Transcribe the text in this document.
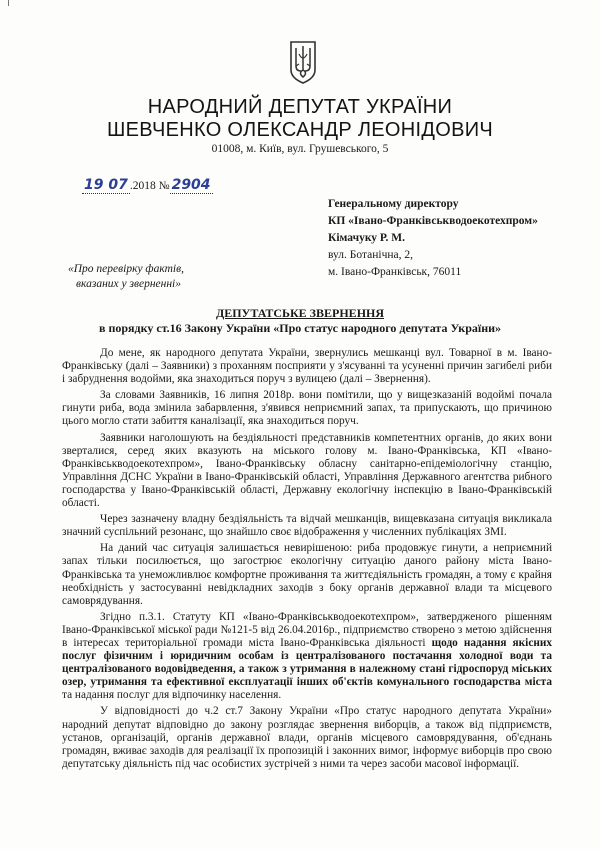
НАРОДНИЙ ДЕПУТАТ УКРАЇНИ
ШЕВЧЕНКО ОЛЕКСАНДР ЛЕОНІДОВИЧ
01008, м. Київ, вул. Грушевського, 5
19 07 .2018 № 2904
Генеральному директору
КП «Івано-Франківськводоекотехпром»
Кімачуку Р. М.
вул. Ботанічна, 2,
м. Івано-Франківськ, 76011
«Про перевірку фактів,
вказаних у зверненні»
ДЕПУТАТСЬКЕ ЗВЕРНЕННЯ
в порядку ст.16 Закону України «Про статус народного депутата України»

До мене, як народного депутата України, звернулись мешканці вул. Товарної в м. Івано-Франківську (далі – Заявники) з проханням посприяти у з'ясуванні та усуненні причин загибелі риби і забруднення водойми, яка знаходиться поруч з вулицею (далі – Звернення).

За словами Заявників, 16 липня 2018р. вони помітили, що у вищезказаній водоймі почала гинути риба, вода змінила забарвлення, з'явився неприємний запах, та припускають, що причиною цього могло стати забиття каналізації, яка знаходиться поруч.

Заявники наголошують на бездіяльності представників компетентних органів, до яких вони зверталися, серед яких вказують на міського голову м. Івано-Франківська, КП «Івано-Франківськводоекотехпром», Івано-Франківську обласну санітарно-епідеміологічну станцію, Управління ДСНС України в Івано-Франківській області, Управління Державного агентства рибного господарства у Івано-Франківській області, Державну екологічну інспекцію в Івано-Франківській області.

Через зазначену владну бездіяльність та відчай мешканців, вищевказана ситуація викликала значний суспільний резонанс, що знайшло своє відображення у численних публікаціях ЗМІ.

На даний час ситуація залишається невирішеною: риба продовжує гинути, а неприємний запах тільки посилюється, що загострює екологічну ситуацію даного району міста Івано-Франківська та унеможливлює комфортне проживання та життєдіяльність громадян, а тому є крайня необхідність у застосуванні невідкладних заходів з боку органів державної влади та місцевого самоврядування.

Згідно п.3.1. Статуту КП «Івано-Франківськводоекотехпром», затвердженого рішенням Івано-Франківської міської ради №121-5 від 26.04.2016р., підприємство створено з метою здійснення в інтересах територіальної громади міста Івано-Франківська діяльності щодо надання якісних послуг фізичним і юридичним особам із централізованого постачання холодної води та централізованого водовідведення, а також з утримання в належному стані гідроспоруд міських озер, утримання та ефективної експлуатації інших об'єктів комунального господарства міста та надання послуг для відпочинку населення.

У відповідності до ч.2 ст.7 Закону України «Про статус народного депутата України» народний депутат відповідно до закону розглядає звернення виборців, а також від підприємств, установ, організацій, органів державної влади, органів місцевого самоврядування, об'єднань громадян, вживає заходів для реалізації їх пропозицій і законних вимог, інформує виборців про свою депутатську діяльність під час особистих зустрічей з ними та через засоби масової інформації.
